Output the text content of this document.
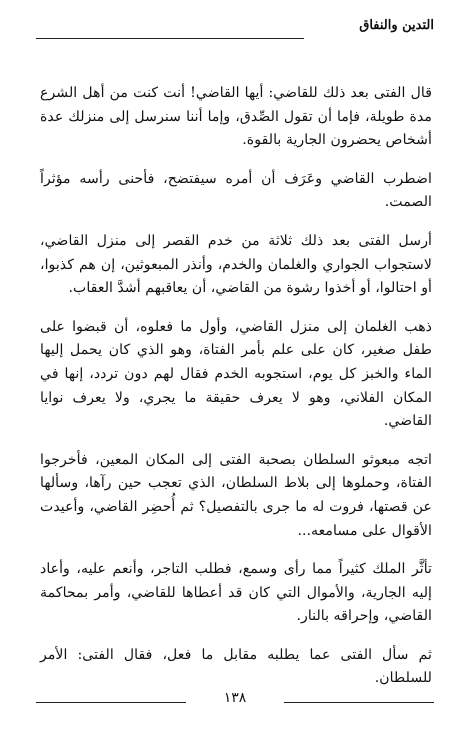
التدين والنفاق

قال الفتى بعد ذلك للقاضي: أيها القاضي! أنت كنت من أهل الشرع مدة طويلة، فإما أن تقول الصِّدق، وإما أننا سنرسل إلى منزلك عدة أشخاص يحضرون الجارية بالقوة.

اضطرب القاضي وعَرَف أن أمره سيفتضح، فأحنى رأسه مؤثراً الصمت.

أرسل الفتى بعد ذلك ثلاثة من خدم القصر إلى منزل القاضي، لاستجواب الجواري والغلمان والخدم، وأنذر المبعوثين، إن هم كذبوا، أو احتالوا، أو أخذوا رشوة من القاضي، أن يعاقبهم أشدَّ العقاب.

ذهب الغلمان إلى منزل القاضي، وأول ما فعلوه، أن قبضوا على طفل صغير، كان على علم بأمر الفتاة، وهو الذي كان يحمل إليها الماء والخبز كل يوم، استجوبه الخدم فقال لهم دون تردد، إنها في المكان الفلاني، وهو لا يعرف حقيقة ما يجري، ولا يعرف نوايا القاضي.

اتجه مبعوثو السلطان بصحبة الفتى إلى المكان المعين، فأخرجوا الفتاة، وحملوها إلى بلاط السلطان، الذي تعجب حين رآها، وسألها عن قصتها، فروت له ما جرى بالتفصيل؟ ثم أُحضِر القاضي، وأعيدت الأقوال على مسامعه...

تأثَّر الملك كثيراً مما رأى وسمع، فطلب التاجر، وأنعم عليه، وأعاد إليه الجارية، والأموال التي كان قد أعطاها للقاضي، وأمر بمحاكمة القاضي، وإحراقه بالنار.

ثم سأل الفتى عما يطلبه مقابل ما فعل، فقال الفتى: الأمر للسلطان.

١٣٨
